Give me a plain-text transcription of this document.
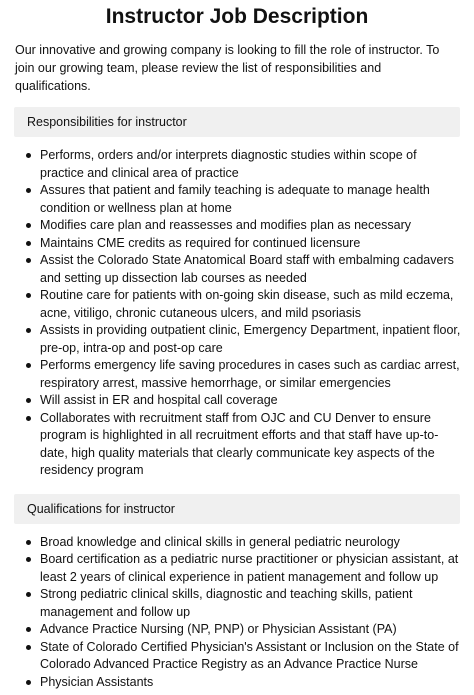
Instructor Job Description

Our innovative and growing company is looking to fill the role of instructor. To join our growing team, please review the list of responsibilities and qualifications.

Responsibilities for instructor
Performs, orders and/or interprets diagnostic studies within scope of practice and clinical area of practice
Assures that patient and family teaching is adequate to manage health condition or wellness plan at home
Modifies care plan and reassesses and modifies plan as necessary
Maintains CME credits as required for continued licensure
Assist the Colorado State Anatomical Board staff with embalming cadavers and setting up dissection lab courses as needed
Routine care for patients with on-going skin disease, such as mild eczema, acne, vitiligo, chronic cutaneous ulcers, and mild psoriasis
Assists in providing outpatient clinic, Emergency Department, inpatient floor, pre-op, intra-op and post-op care
Performs emergency life saving procedures in cases such as cardiac arrest, respiratory arrest, massive hemorrhage, or similar emergencies
Will assist in ER and hospital call coverage
Collaborates with recruitment staff from OJC and CU Denver to ensure program is highlighted in all recruitment efforts and that staff have up-to-date, high quality materials that clearly communicate key aspects of the residency program
Qualifications for instructor
Broad knowledge and clinical skills in general pediatric neurology
Board certification as a pediatric nurse practitioner or physician assistant, at least 2 years of clinical experience in patient management and follow up
Strong pediatric clinical skills, diagnostic and teaching skills, patient management and follow up
Advance Practice Nursing (NP, PNP) or Physician Assistant (PA)
State of Colorado Certified Physician's Assistant or Inclusion on the State of Colorado Advanced Practice Registry as an Advance Practice Nurse
Physician Assistants
